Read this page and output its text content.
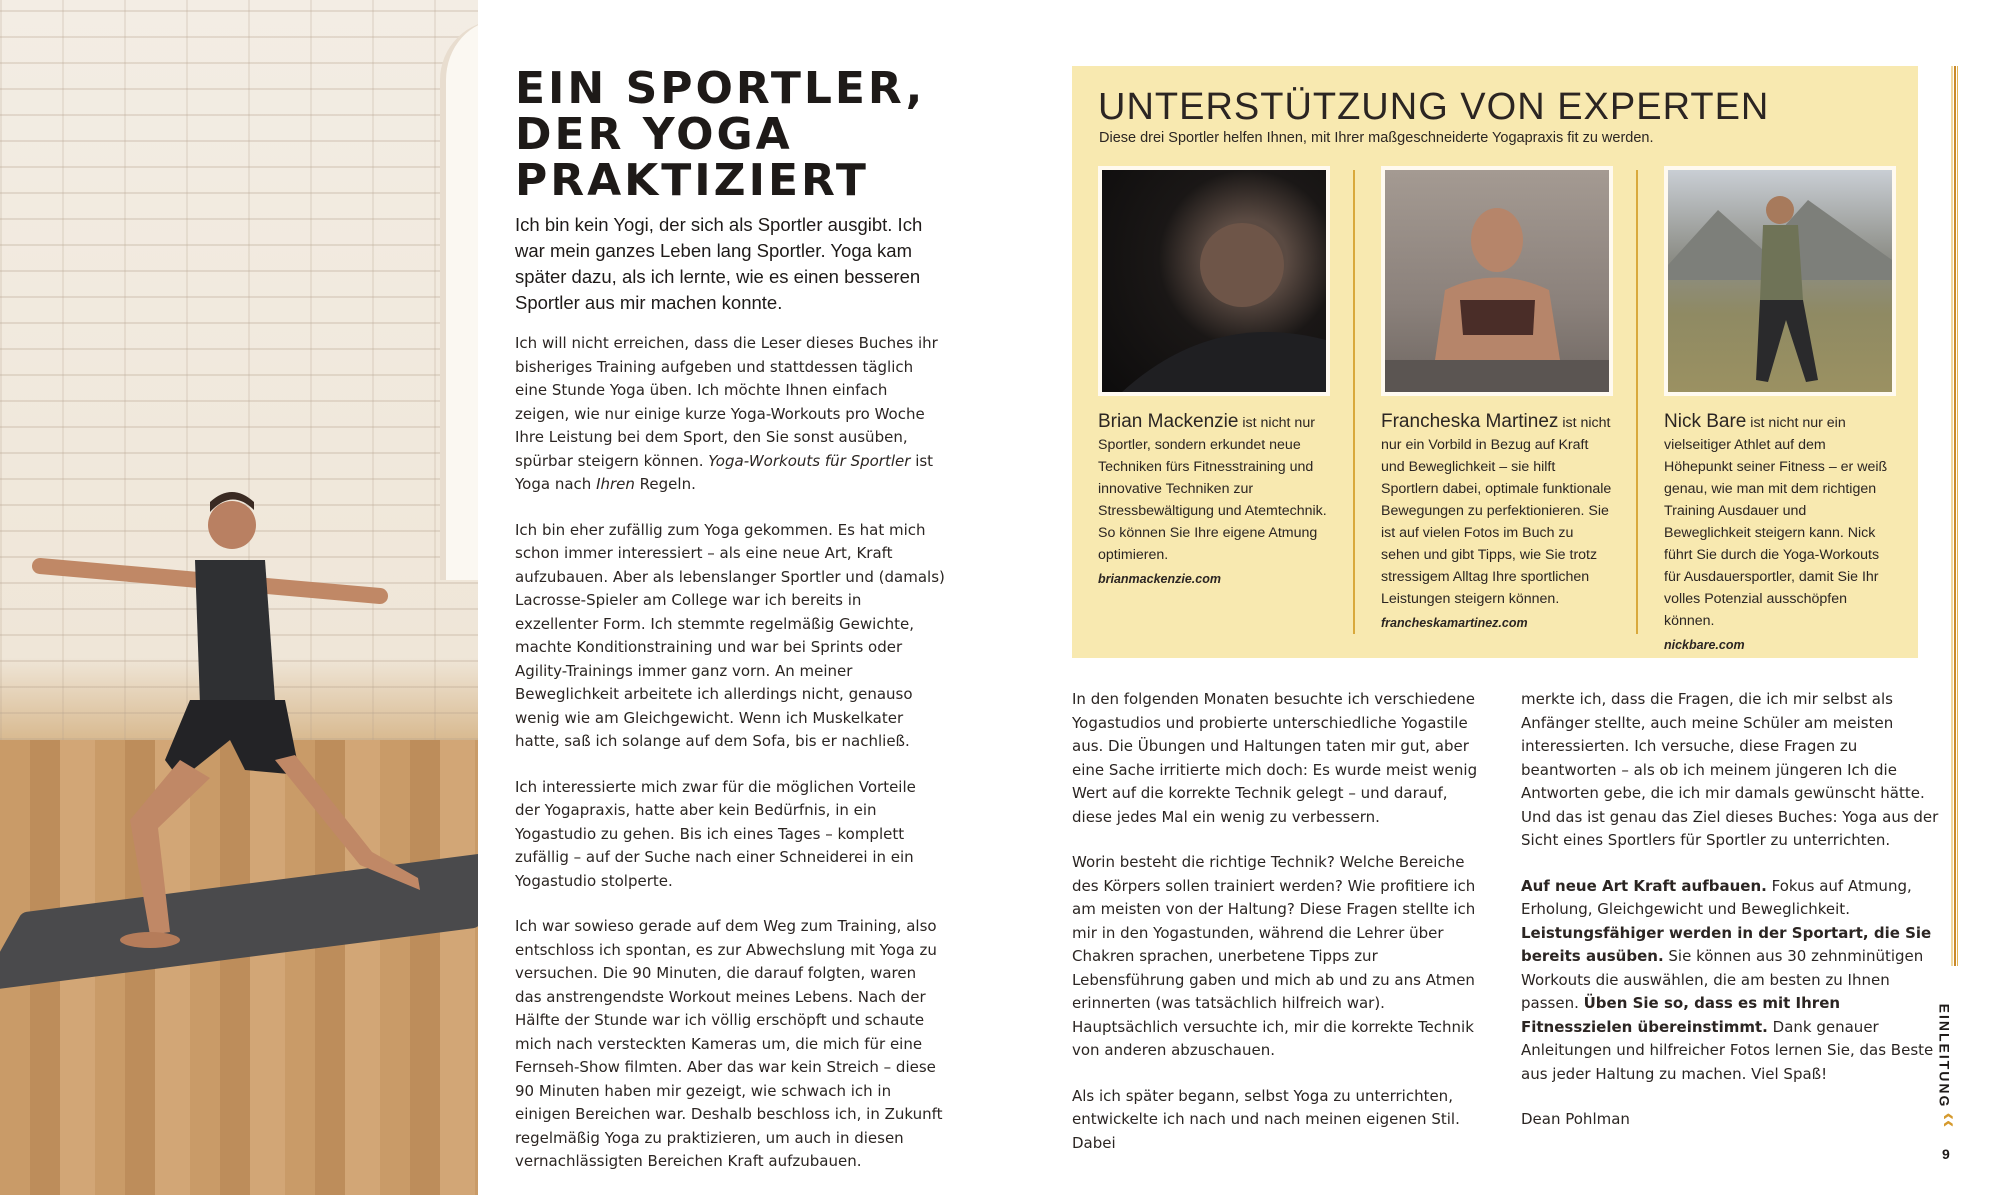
EIN SPORTLER,
DER YOGA
PRAKTIZIERT
Ich bin kein Yogi, der sich als Sportler ausgibt. Ich war mein ganzes Leben lang Sportler. Yoga kam später dazu, als ich lernte, wie es einen besseren Sportler aus mir machen konnte.

Ich will nicht erreichen, dass die Leser dieses Buches ihr bisheriges Training aufgeben und stattdessen täglich eine Stunde Yoga üben. Ich möchte Ihnen einfach zeigen, wie nur einige kurze Yoga-Workouts pro Woche Ihre Leistung bei dem Sport, den Sie sonst ausüben, spürbar steigern können. Yoga-Workouts für Sportler ist Yoga nach Ihren Regeln.

Ich bin eher zufällig zum Yoga gekommen. Es hat mich schon immer interessiert – als eine neue Art, Kraft aufzubauen. Aber als lebenslanger Sportler und (damals) Lacrosse-Spieler am College war ich bereits in exzellenter Form. Ich stemmte regelmäßig Gewichte, machte Konditionstraining und war bei Sprints oder Agility-Trainings immer ganz vorn. An meiner Beweglichkeit arbeitete ich allerdings nicht, genauso wenig wie am Gleichgewicht. Wenn ich Muskelkater hatte, saß ich solange auf dem Sofa, bis er nachließ.

Ich interessierte mich zwar für die möglichen Vorteile der Yogapraxis, hatte aber kein Bedürfnis, in ein Yogastudio zu gehen. Bis ich eines Tages – komplett zufällig – auf der Suche nach einer Schneiderei in ein Yogastudio stolperte.

Ich war sowieso gerade auf dem Weg zum Training, also entschloss ich spontan, es zur Abwechslung mit Yoga zu versuchen. Die 90 Minuten, die darauf folgten, waren das anstrengendste Workout meines Lebens. Nach der Hälfte der Stunde war ich völlig erschöpft und schaute mich nach versteckten Kameras um, die mich für eine Fernseh-Show filmten. Aber das war kein Streich – diese 90 Minuten haben mir gezeigt, wie schwach ich in einigen Bereichen war. Deshalb beschloss ich, in Zukunft regelmäßig Yoga zu praktizieren, um auch in diesen vernachlässigten Bereichen Kraft aufzubauen.

UNTERSTÜTZUNG VON EXPERTEN
Diese drei Sportler helfen Ihnen, mit Ihrer maßgeschneiderte Yogapraxis fit zu werden.
Brian Mackenzie ist nicht nur Sportler, sondern erkundet neue Techniken fürs Fitnesstraining und innovative Techniken zur Stressbewältigung und Atemtechnik. So können Sie Ihre eigene Atmung optimieren.
brianmackenzie.com
Francheska Martinez ist nicht nur ein Vorbild in Bezug auf Kraft und Beweglichkeit – sie hilft Sportlern dabei, optimale funktionale Bewegungen zu perfektionieren. Sie ist auf vielen Fotos im Buch zu sehen und gibt Tipps, wie Sie trotz stressigem Alltag Ihre sportlichen Leistungen steigern können.
francheskamartinez.com
Nick Bare ist nicht nur ein vielseitiger Athlet auf dem Höhepunkt seiner Fitness – er weiß genau, wie man mit dem richtigen Training Ausdauer und Beweglichkeit steigern kann. Nick führt Sie durch die Yoga-Workouts für Ausdauersportler, damit Sie Ihr volles Potenzial ausschöpfen können.
nickbare.com

In den folgenden Monaten besuchte ich verschiedene Yogastudios und probierte unterschiedliche Yogastile aus. Die Übungen und Haltungen taten mir gut, aber eine Sache irritierte mich doch: Es wurde meist wenig Wert auf die korrekte Technik gelegt – und darauf, diese jedes Mal ein wenig zu verbessern.

Worin besteht die richtige Technik? Welche Bereiche des Körpers sollen trainiert werden? Wie profitiere ich am meisten von der Haltung? Diese Fragen stellte ich mir in den Yogastunden, während die Lehrer über Chakren sprachen, unerbetene Tipps zur Lebensführung gaben und mich ab und zu ans Atmen erinnerten (was tatsächlich hilfreich war). Hauptsächlich versuchte ich, mir die korrekte Technik von anderen abzuschauen.

Als ich später begann, selbst Yoga zu unterrichten, entwickelte ich nach und nach meinen eigenen Stil. Dabei

merkte ich, dass die Fragen, die ich mir selbst als Anfänger stellte, auch meine Schüler am meisten interessierten. Ich versuche, diese Fragen zu beantworten – als ob ich meinem jüngeren Ich die Antworten gebe, die ich mir damals gewünscht hätte. Und das ist genau das Ziel dieses Buches: Yoga aus der Sicht eines Sportlers für Sportler zu unterrichten.

Auf neue Art Kraft aufbauen. Fokus auf Atmung, Erholung, Gleichgewicht und Beweglichkeit. Leistungsfähiger werden in der Sportart, die Sie bereits ausüben. Sie können aus 30 zehnminütigen Workouts die auswählen, die am besten zu Ihnen passen. Üben Sie so, dass es mit Ihren Fitnesszielen übereinstimmt. Dank genauer Anleitungen und hilfreicher Fotos lernen Sie, das Beste aus jeder Haltung zu machen. Viel Spaß!

Dean Pohlman

EINLEITUNG
‹‹
9
